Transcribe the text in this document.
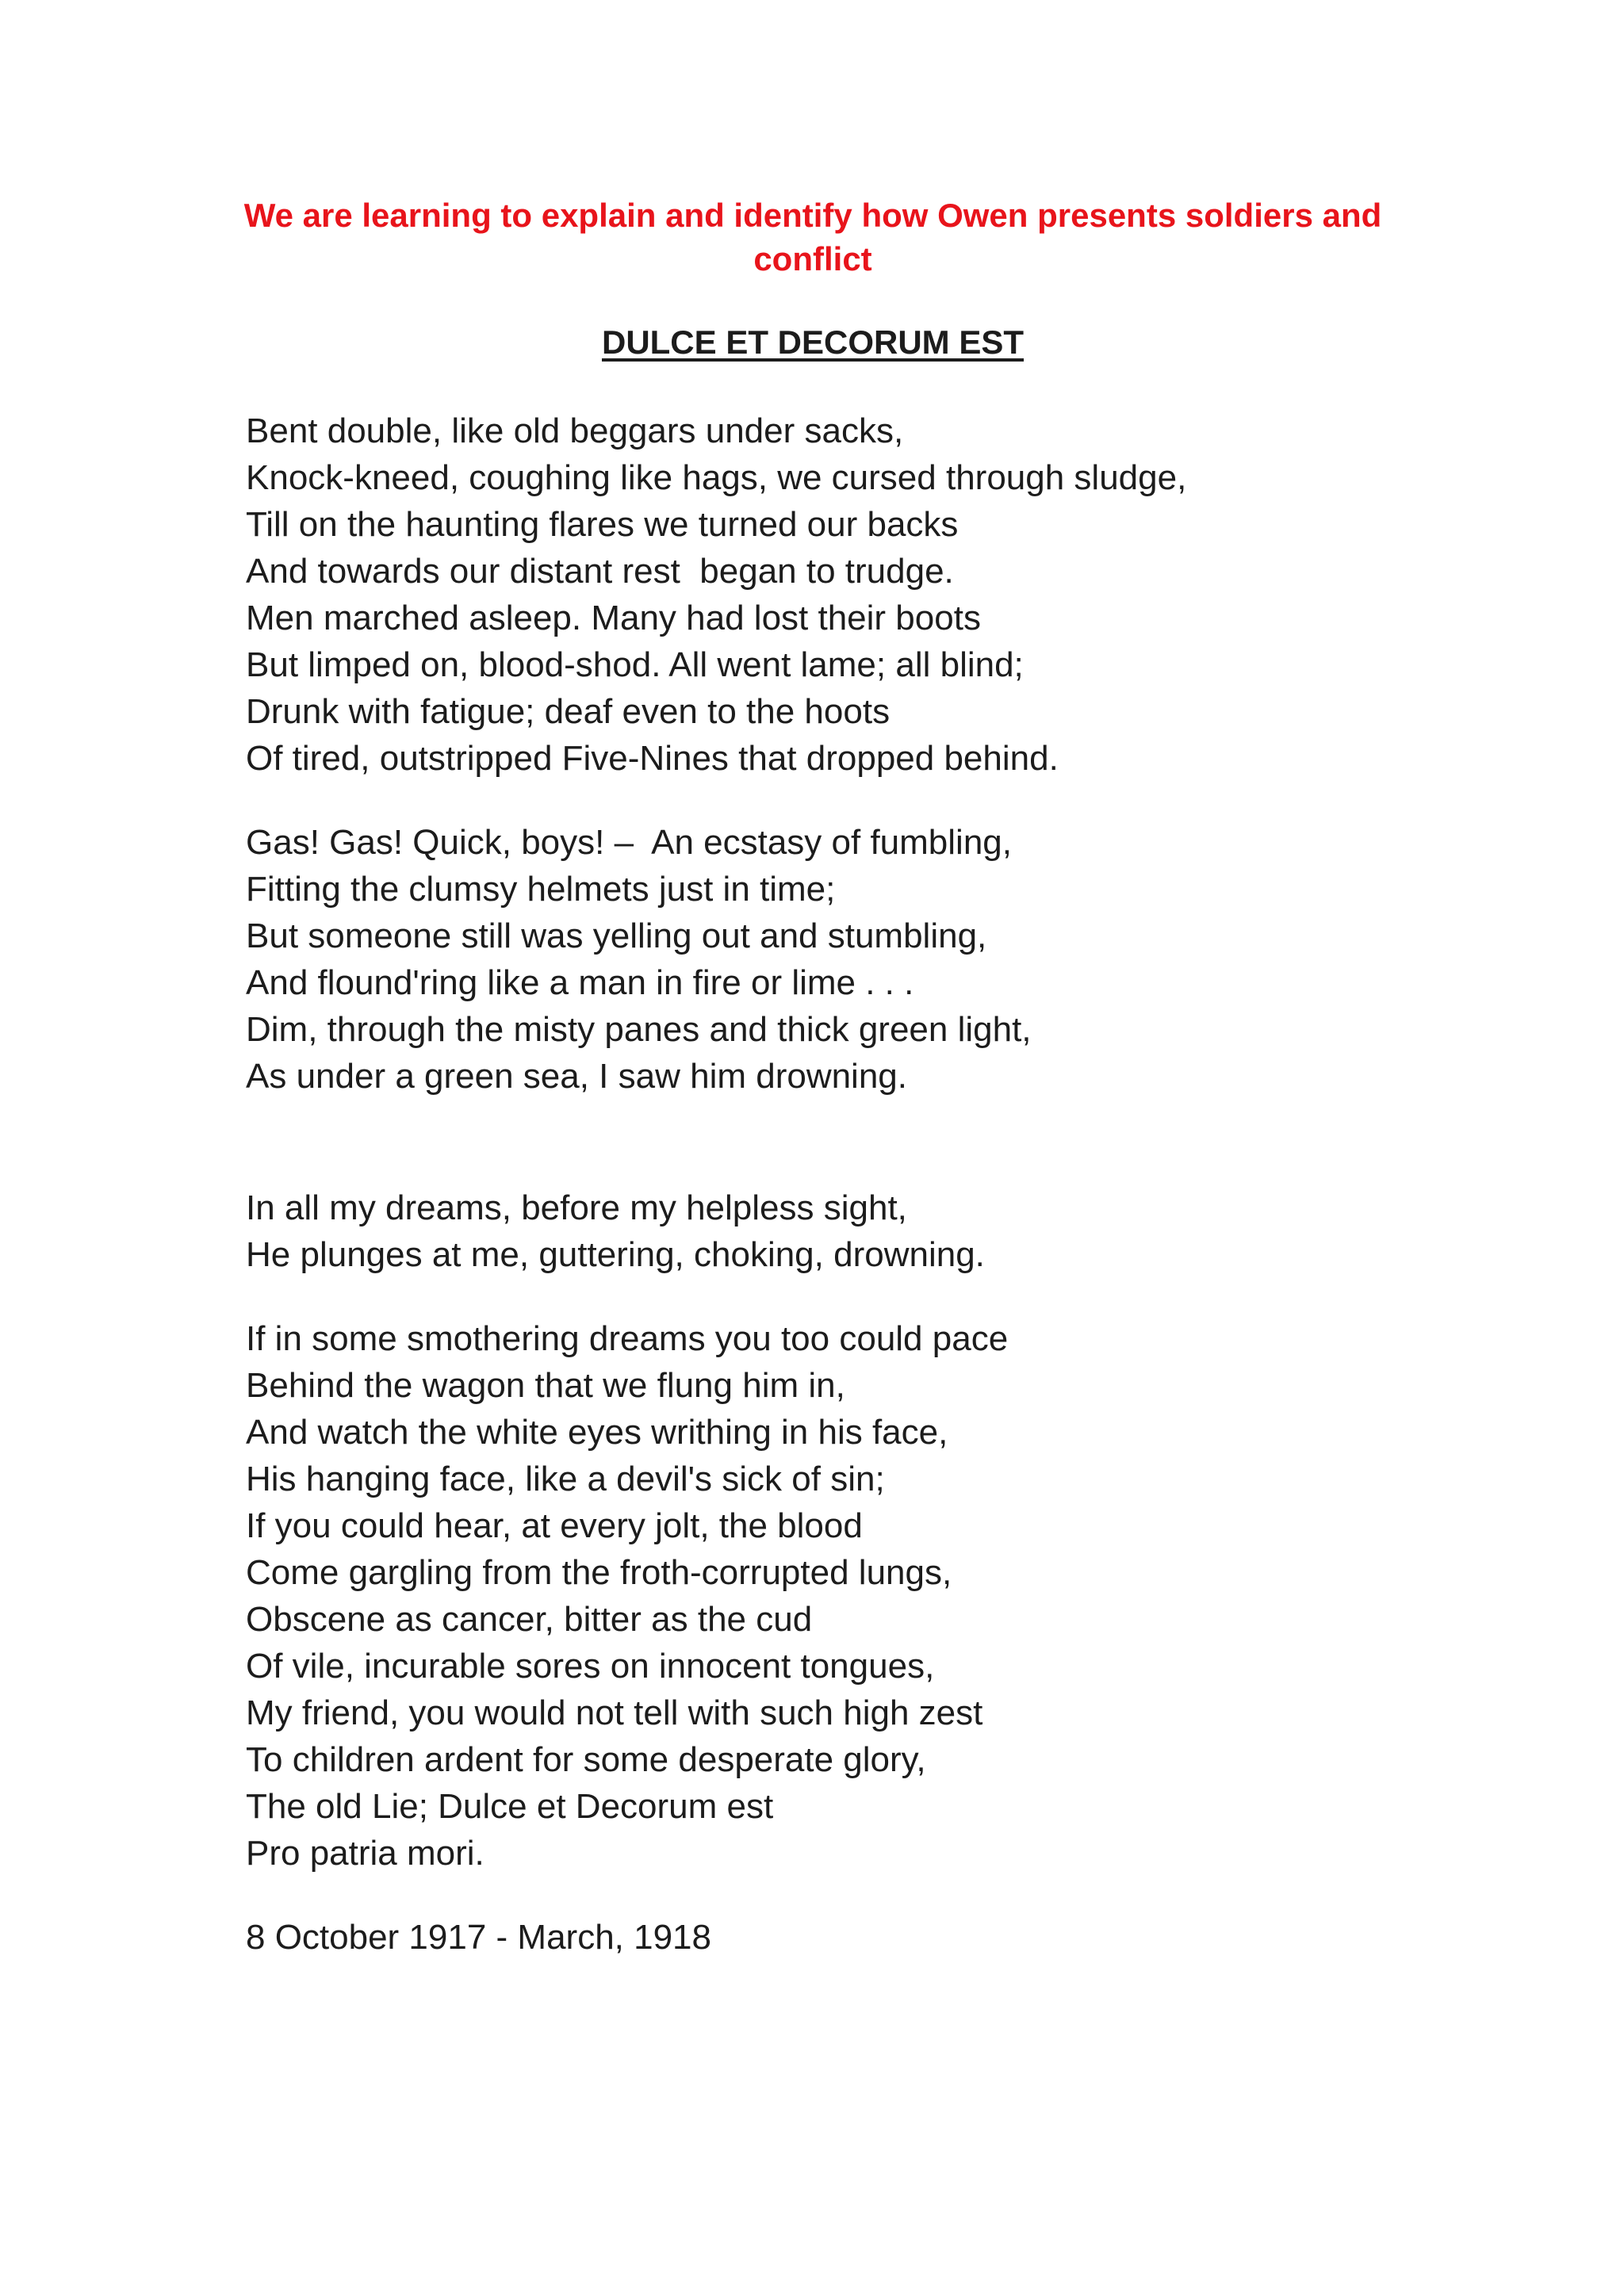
We are learning to explain and identify how Owen presents soldiers and conflict
DULCE ET DECORUM EST
Bent double, like old beggars under sacks,
Knock-kneed, coughing like hags, we cursed through sludge,
Till on the haunting flares we turned our backs
And towards our distant rest  began to trudge.
Men marched asleep. Many had lost their boots
But limped on, blood-shod. All went lame; all blind;
Drunk with fatigue; deaf even to the hoots
Of tired, outstripped Five-Nines that dropped behind.
Gas! Gas! Quick, boys! –  An ecstasy of fumbling,
Fitting the clumsy helmets just in time;
But someone still was yelling out and stumbling,
And flound'ring like a man in fire or lime . . .
Dim, through the misty panes and thick green light,
As under a green sea, I saw him drowning.
In all my dreams, before my helpless sight,
He plunges at me, guttering, choking, drowning.
If in some smothering dreams you too could pace
Behind the wagon that we flung him in,
And watch the white eyes writhing in his face,
His hanging face, like a devil's sick of sin;
If you could hear, at every jolt, the blood
Come gargling from the froth-corrupted lungs,
Obscene as cancer, bitter as the cud
Of vile, incurable sores on innocent tongues,
My friend, you would not tell with such high zest
To children ardent for some desperate glory,
The old Lie; Dulce et Decorum est
Pro patria mori.
8 October 1917 - March, 1918
